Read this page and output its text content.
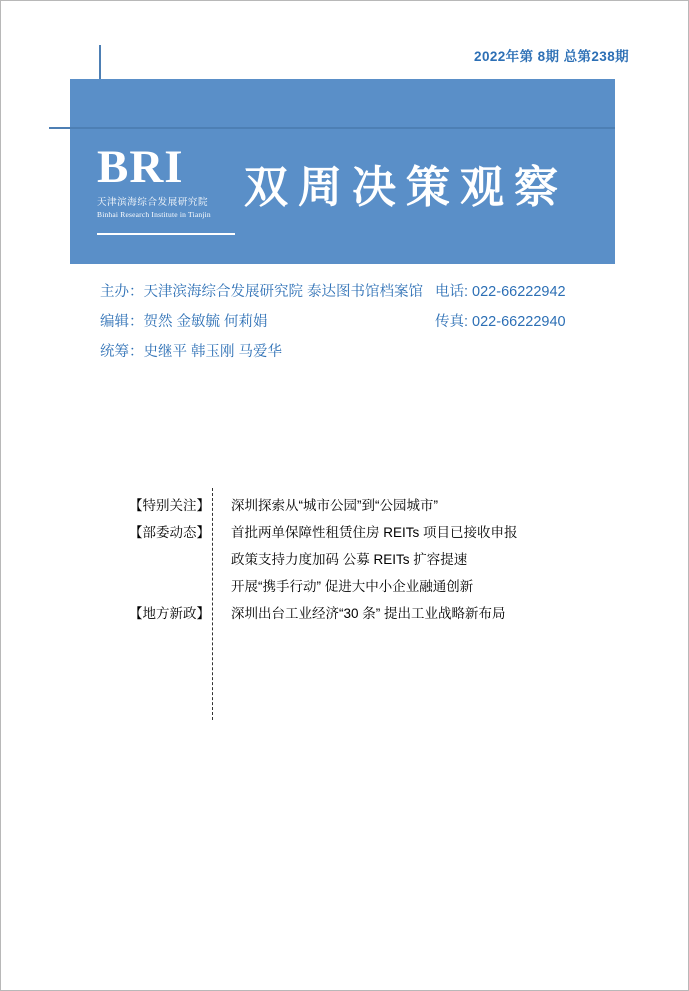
2022年第 8期 总第238期
BRI
天津滨海综合发展研究院
Binhai Research Institute in Tianjin
双周决策观察
主办：天津滨海综合发展研究院 泰达图书馆档案馆 电话: 022-66222942
编辑：贺然 金敏毓 何莉娟	传真: 022-66222940
统筹：史继平 韩玉刚 马爱华
【特别关注】	深圳探索从“城市公园”到“公园城市”
【部委动态】	首批两单保障性租赁住房 REITs 项目已接收申报
政策支持力度加码 公募 REITs 扩容提速
开展“携手行动” 促进大中小企业融通创新
【地方新政】	深圳出台工业经济“30 条” 提出工业战略新布局
